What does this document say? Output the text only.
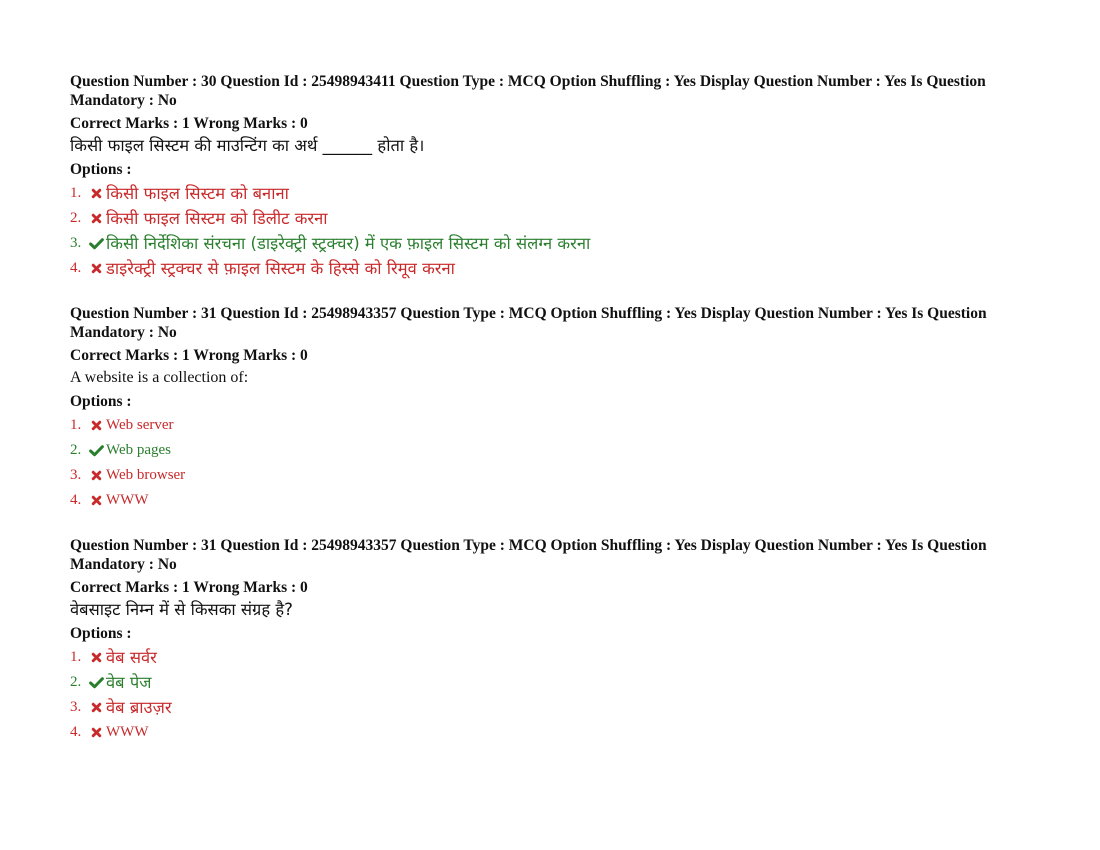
Question Number : 30 Question Id : 25498943411 Question Type : MCQ Option Shuffling : Yes Display Question Number : Yes Is Question Mandatory : No
Correct Marks : 1 Wrong Marks : 0
किसी फाइल सिस्टम की माउन्टिंग का अर्थ ______ होता है।
Options :
1. किसी फाइल सिस्टम को बनाना
2. किसी फाइल सिस्टम को डिलीट करना
3. किसी निर्देशिका संरचना (डाइरेक्ट्री स्ट्रक्चर) में एक फ़ाइल सिस्टम को संलग्न करना
4. डाइरेक्ट्री स्ट्रक्चर से फ़ाइल सिस्टम के हिस्से को रिमूव करना
Question Number : 31 Question Id : 25498943357 Question Type : MCQ Option Shuffling : Yes Display Question Number : Yes Is Question Mandatory : No
Correct Marks : 1 Wrong Marks : 0
A website is a collection of:
Options :
1.	Web server
2.	Web pages
3.	Web browser
4.	WWW
Question Number : 31 Question Id : 25498943357 Question Type : MCQ Option Shuffling : Yes Display Question Number : Yes Is Question Mandatory : No
Correct Marks : 1 Wrong Marks : 0
वेबसाइट निम्न में से किसका संग्रह है?
Options :
1. वेब सर्वर
2. वेब पेज
3. वेब ब्राउज़र
4.	WWW
